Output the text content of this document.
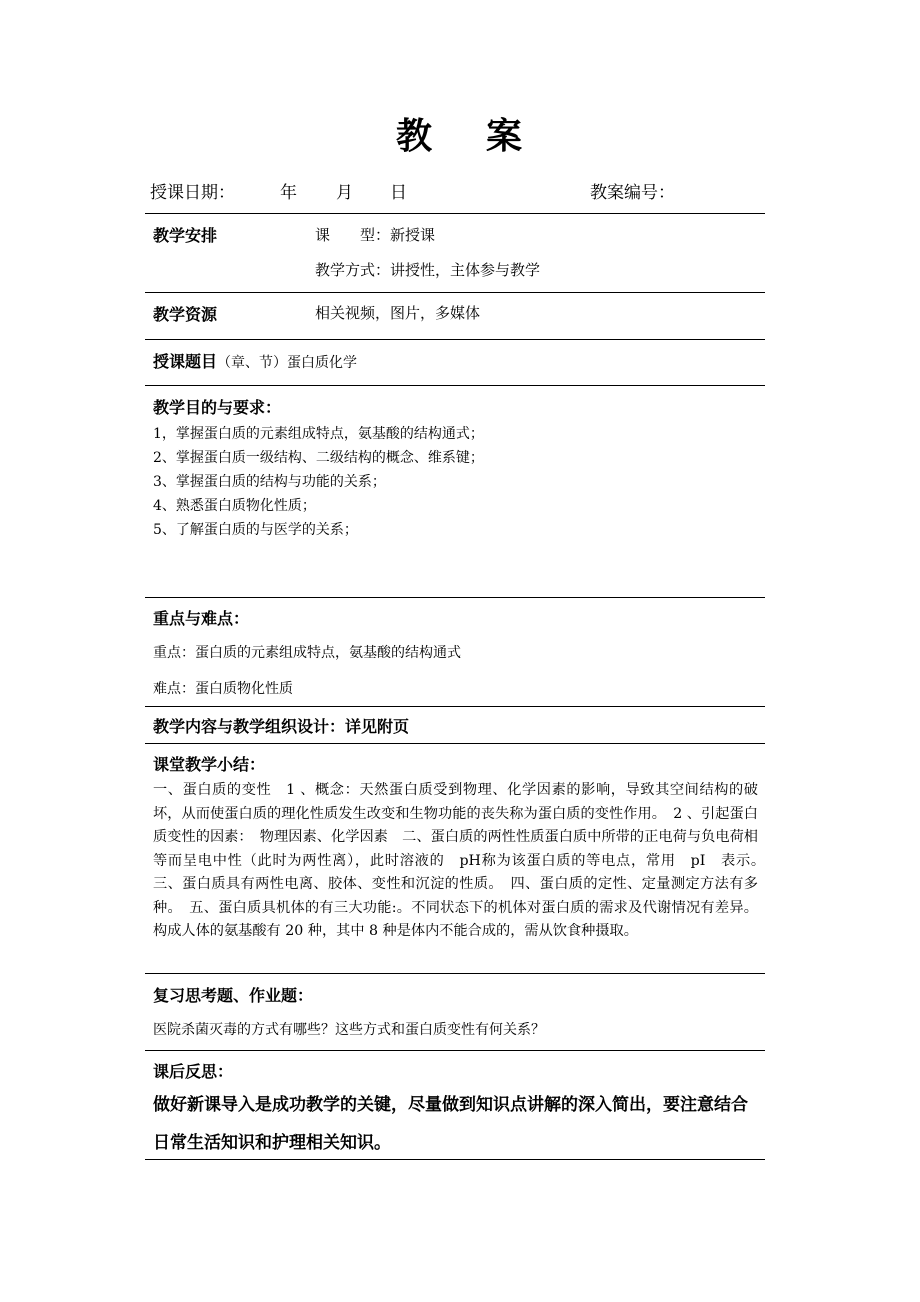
教 案
授课日期：	年 月 日	教案编号：
教学安排	课　　型：新授课
教学方式：讲授性，主体参与教学
教学资源	相关视频，图片，多媒体
授课题目（章、节）蛋白质化学
教学目的与要求：
1，掌握蛋白质的元素组成特点，氨基酸的结构通式；
2、掌握蛋白质一级结构、二级结构的概念、维系键；
3、掌握蛋白质的结构与功能的关系；
4、熟悉蛋白质物化性质；
5、了解蛋白质的与医学的关系；
重点与难点：
重点：蛋白质的元素组成特点，氨基酸的结构通式
难点：蛋白质物化性质
教学内容与教学组织设计：详见附页
课堂教学小结：
一、蛋白质的变性　1 、概念：天然蛋白质受到物理、化学因素的影响，导致其空间结构的破坏，从而使蛋白质的理化性质发生改变和生物功能的丧失称为蛋白质的变性作用。　2 、引起蛋白质变性的因素：　物理因素、化学因素　二、蛋白质的两性性质蛋白质中所带的正电荷与负电荷相等而呈电中性（此时为两性离），此时溶液的　pH称为该蛋白质的等电点，常用　pI　表示。　三、蛋白质具有两性电离、胶体、变性和沉淀的性质。　四、蛋白质的定性、定量测定方法有多种。　五、蛋白质具机体的有三大功能:。不同状态下的机体对蛋白质的需求及代谢情况有差异。构成人体的氨基酸有 20 种，其中 8 种是体内不能合成的，需从饮食种摄取。
复习思考题、作业题：
医院杀菌灭毒的方式有哪些？这些方式和蛋白质变性有何关系？
课后反思：
做好新课导入是成功教学的关键，尽量做到知识点讲解的深入简出，要注意结合日常生活知识和护理相关知识。
